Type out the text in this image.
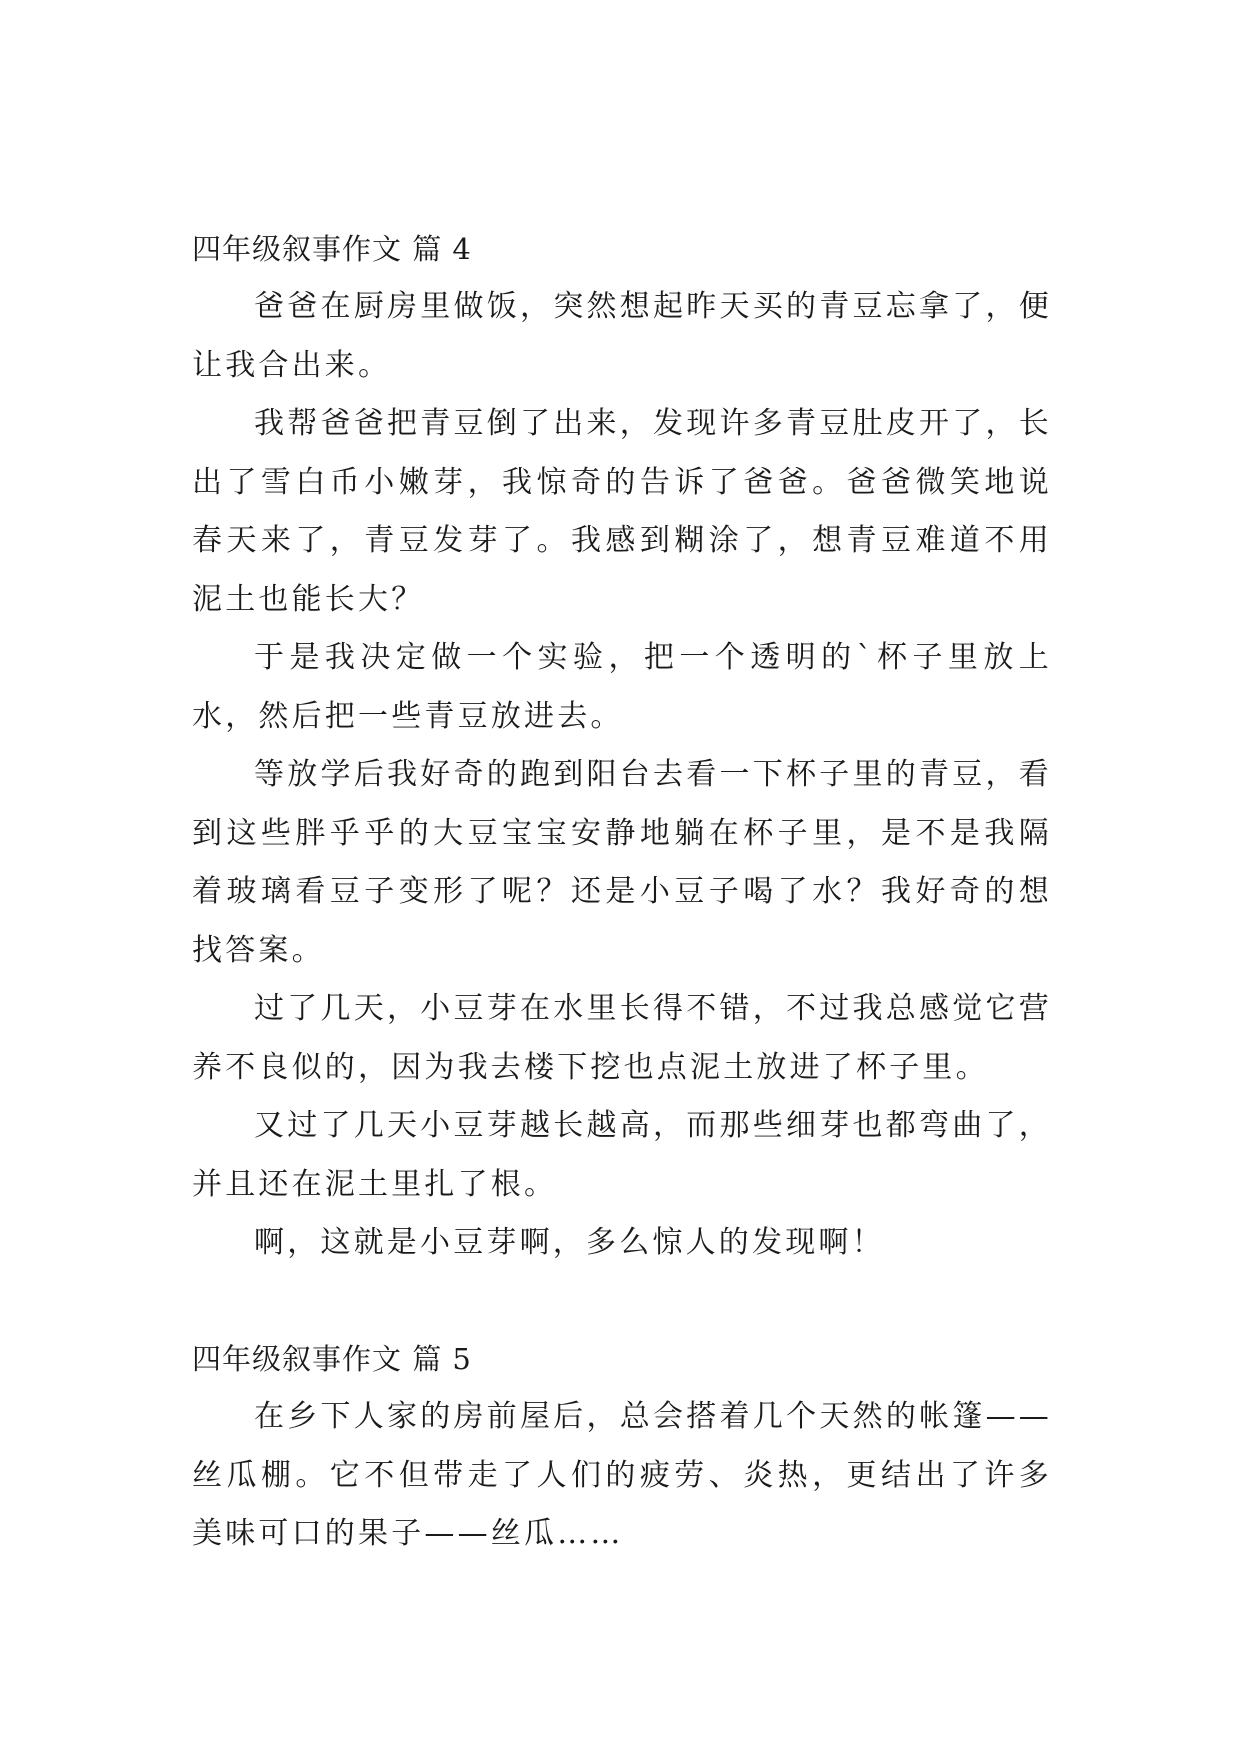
四年级叙事作文 篇 4

爸爸在厨房里做饭，突然想起昨天买的青豆忘拿了，便让我合出来。

我帮爸爸把青豆倒了出来，发现许多青豆肚皮开了，长出了雪白币小嫩芽，我惊奇的告诉了爸爸。爸爸微笑地说春天来了，青豆发芽了。我感到糊涂了，想青豆难道不用泥土也能长大？

于是我决定做一个实验，把一个透明的`杯子里放上水，然后把一些青豆放进去。

等放学后我好奇的跑到阳台去看一下杯子里的青豆，看到这些胖乎乎的大豆宝宝安静地躺在杯子里，是不是我隔着玻璃看豆子变形了呢？还是小豆子喝了水？我好奇的想找答案。

过了几天，小豆芽在水里长得不错，不过我总感觉它营养不良似的，因为我去楼下挖也点泥土放进了杯子里。

又过了几天小豆芽越长越高，而那些细芽也都弯曲了，并且还在泥土里扎了根。

啊，这就是小豆芽啊，多么惊人的发现啊！

四年级叙事作文 篇 5

在乡下人家的房前屋后，总会搭着几个天然的帐篷——丝瓜棚。它不但带走了人们的疲劳、炎热，更结出了许多美味可口的果子——丝瓜……
